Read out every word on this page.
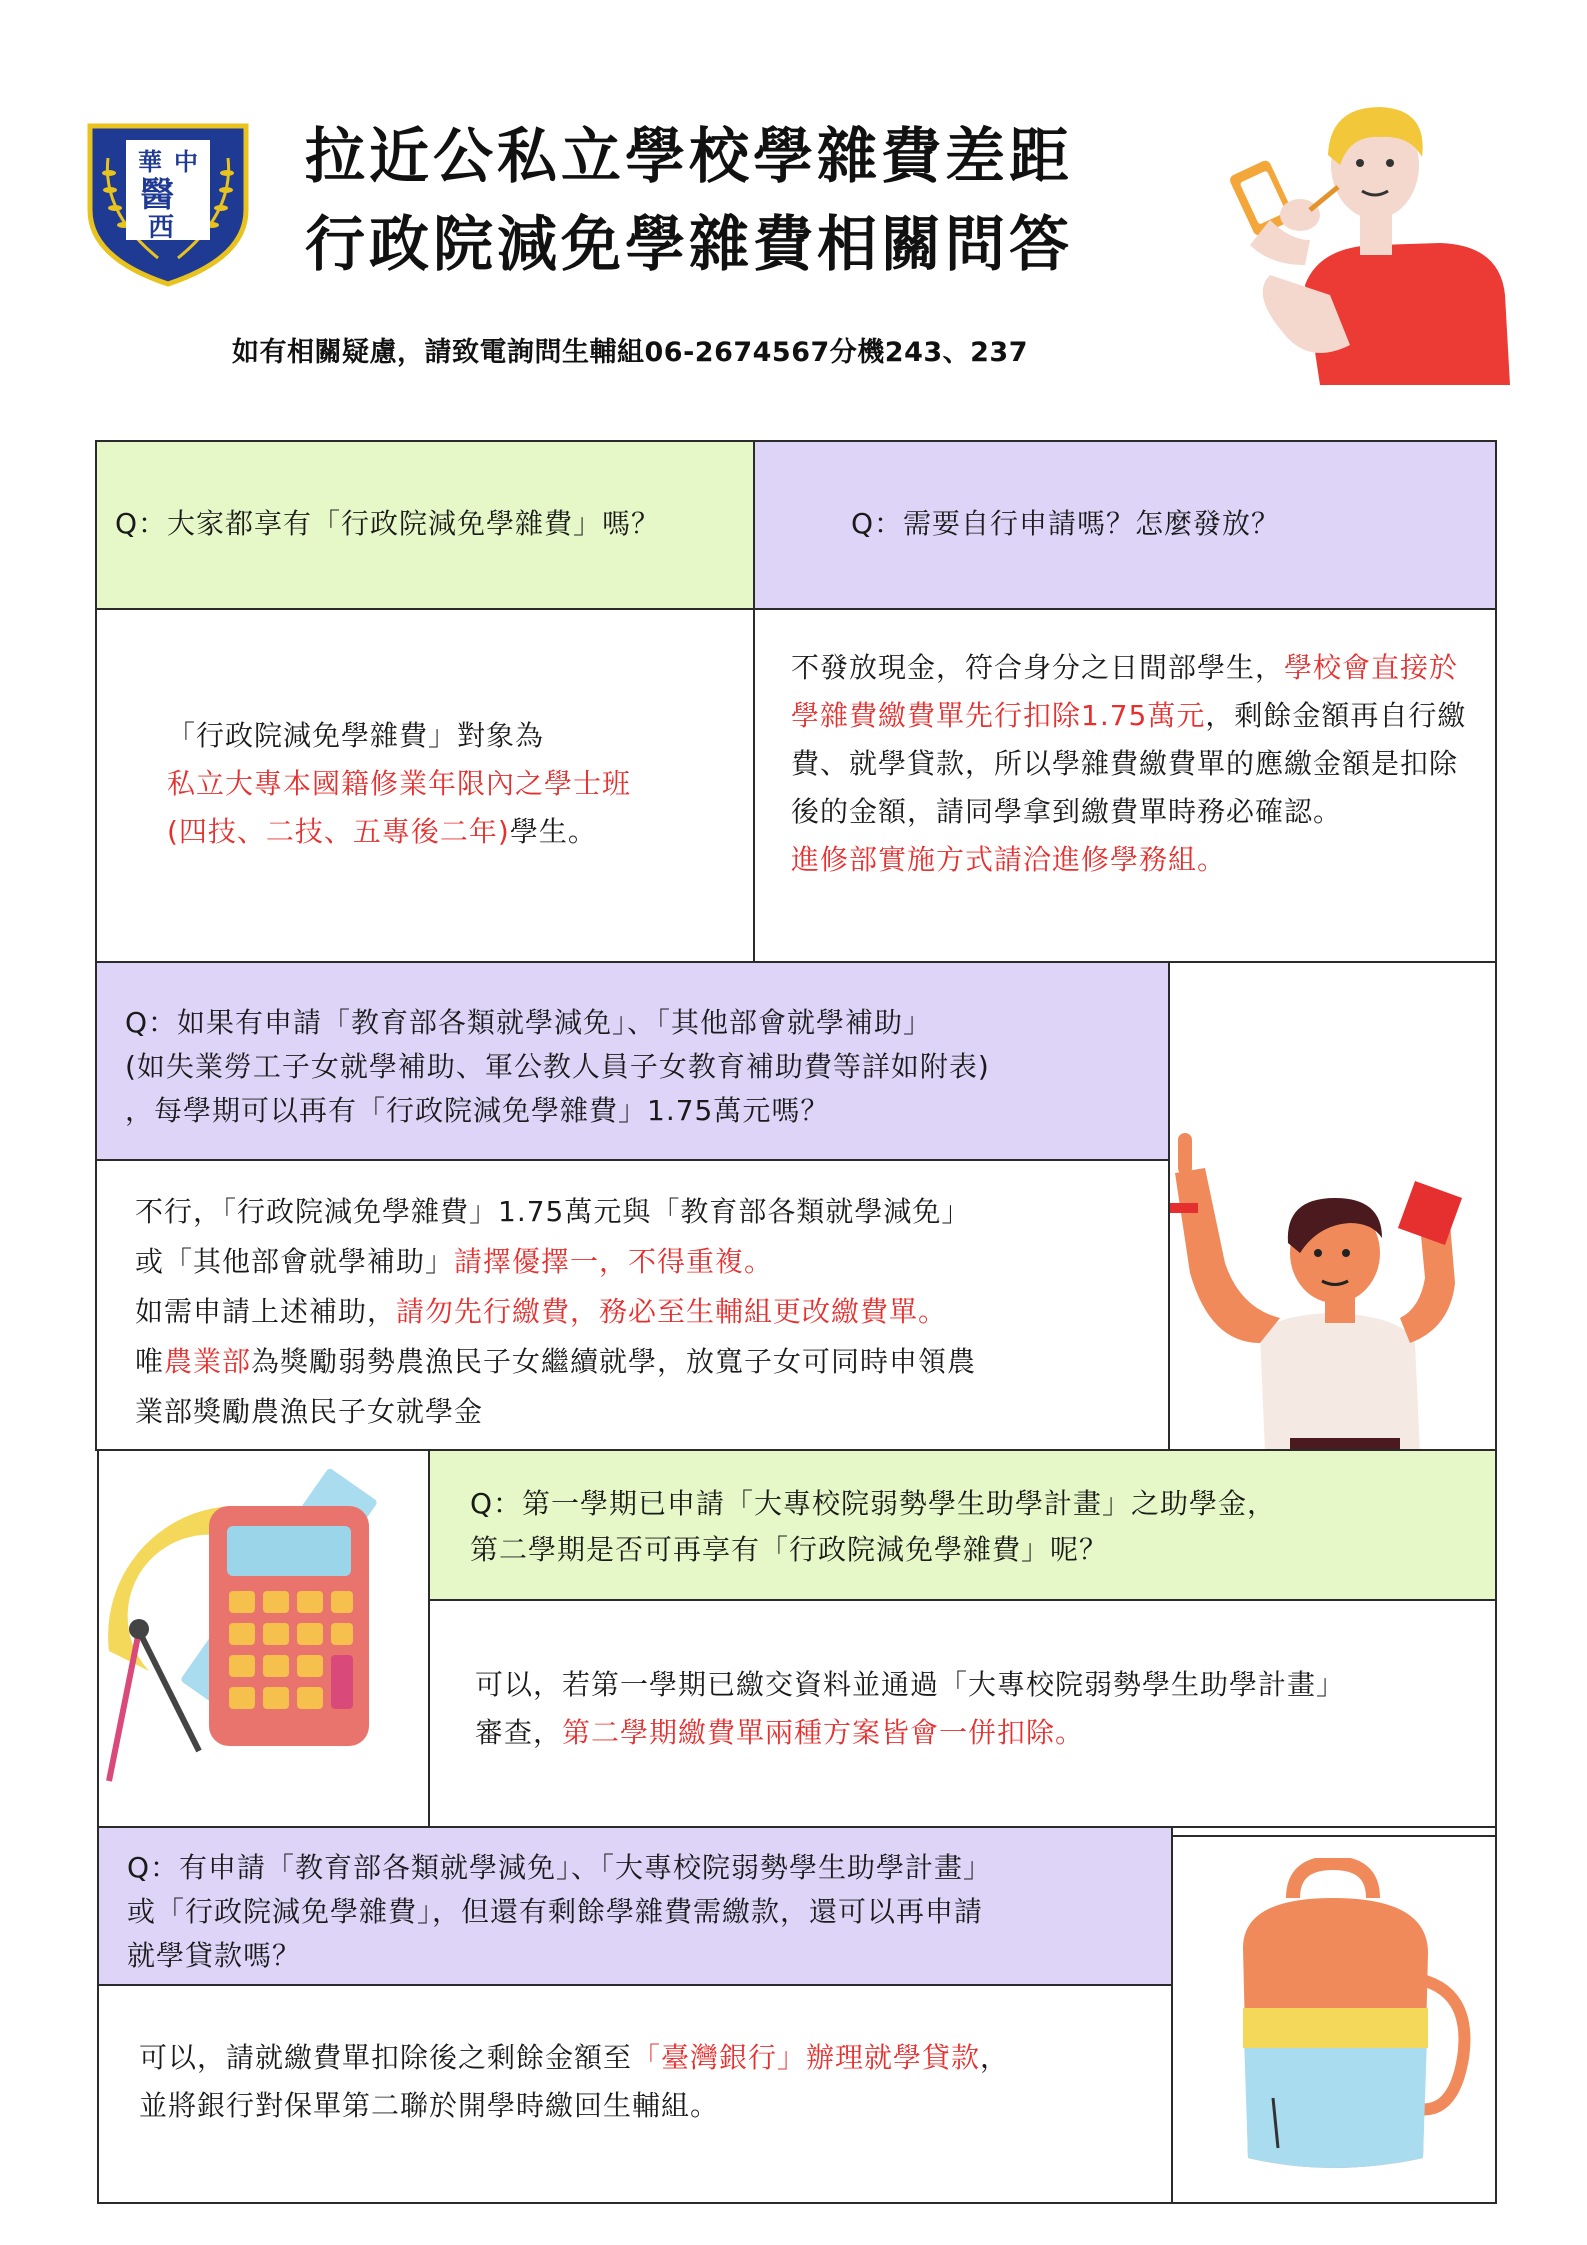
華 中
醫
西
拉近公私立學校學雜費差距
行政院減免學雜費相關問答
如有相關疑慮，請致電詢問生輔組06-2674567分機243、237
Q：大家都享有「行政院減免學雜費」嗎？	Q：需要自行申請嗎？怎麼發放？
「行政院減免學雜費」對象為
私立大專本國籍修業年限內之學士班(四技、二技、五專後二年)學生。
不發放現金，符合身分之日間部學生，學校會直接於學雜費繳費單先行扣除1.75萬元，剩餘金額再自行繳費、就學貸款，所以學雜費繳費單的應繳金額是扣除後的金額，請同學拿到繳費單時務必確認。
進修部實施方式請洽進修學務組。
Q：如果有申請「教育部各類就學減免」、「其他部會就學補助」
(如失業勞工子女就學補助、軍公教人員子女教育補助費等詳如附表)
，每學期可以再有「行政院減免學雜費」1.75萬元嗎？
不行，「行政院減免學雜費」1.75萬元與「教育部各類就學減免」
或「其他部會就學補助」請擇優擇一，不得重複。
如需申請上述補助，請勿先行繳費，務必至生輔組更改繳費單。
唯農業部為獎勵弱勢農漁民子女繼續就學，放寬子女可同時申領農
業部獎勵農漁民子女就學金
Q：第一學期已申請「大專校院弱勢學生助學計畫」之助學金，
第二學期是否可再享有「行政院減免學雜費」呢？
可以，若第一學期已繳交資料並通過「大專校院弱勢學生助學計畫」
審查，第二學期繳費單兩種方案皆會一併扣除。
Q：有申請「教育部各類就學減免」、「大專校院弱勢學生助學計畫」
或「行政院減免學雜費」，但還有剩餘學雜費需繳款，還可以再申請
就學貸款嗎？
可以，請就繳費單扣除後之剩餘金額至「臺灣銀行」辦理就學貸款，
並將銀行對保單第二聯於開學時繳回生輔組。
